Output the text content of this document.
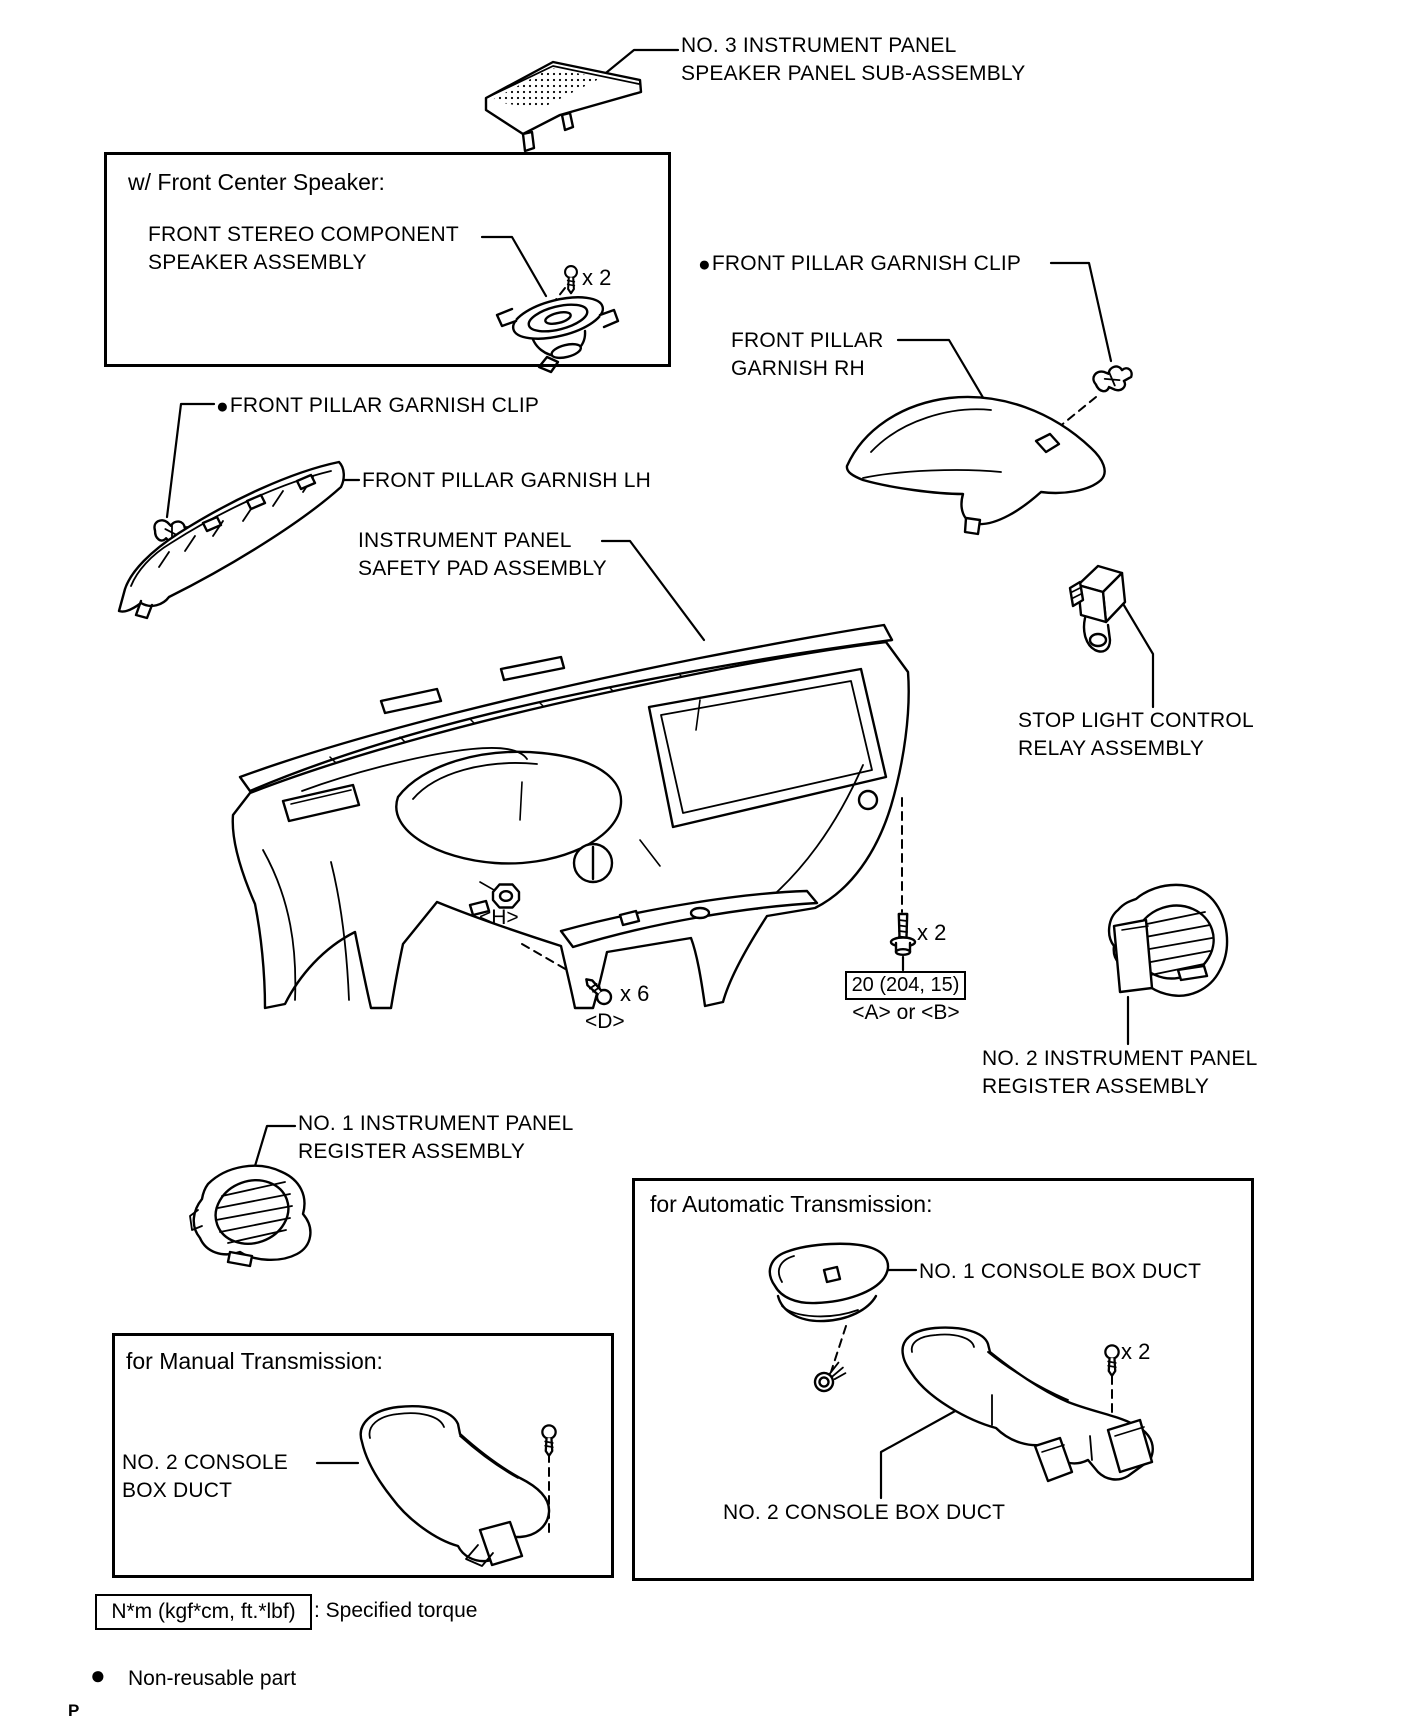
w/ Front Center Speaker:
for Automatic Transmission:
for Manual Transmission:
NO. 3 INSTRUMENT PANEL
SPEAKER PANEL SUB-ASSEMBLY
FRONT STEREO COMPONENT
SPEAKER ASSEMBLY	●FRONT PILLAR GARNISH CLIP
FRONT PILLAR
GARNISH RH
●FRONT PILLAR GARNISH CLIP
FRONT PILLAR GARNISH LH
INSTRUMENT PANEL
SAFETY PAD ASSEMBLY
STOP LIGHT CONTROL
RELAY ASSEMBLY
NO. 2 INSTRUMENT PANEL
REGISTER ASSEMBLY
NO. 1 INSTRUMENT PANEL
REGISTER ASSEMBLY
NO. 1 CONSOLE BOX DUCT
NO. 2 CONSOLE BOX DUCT
NO. 2 CONSOLE
BOX DUCT
x 2
x 2
x 6
x 2
<H>
<D>
20 (204, 15)
<A> or <B>
N*m (kgf*cm, ft.*lbf) : Specified torque
● Non-reusable part
P
